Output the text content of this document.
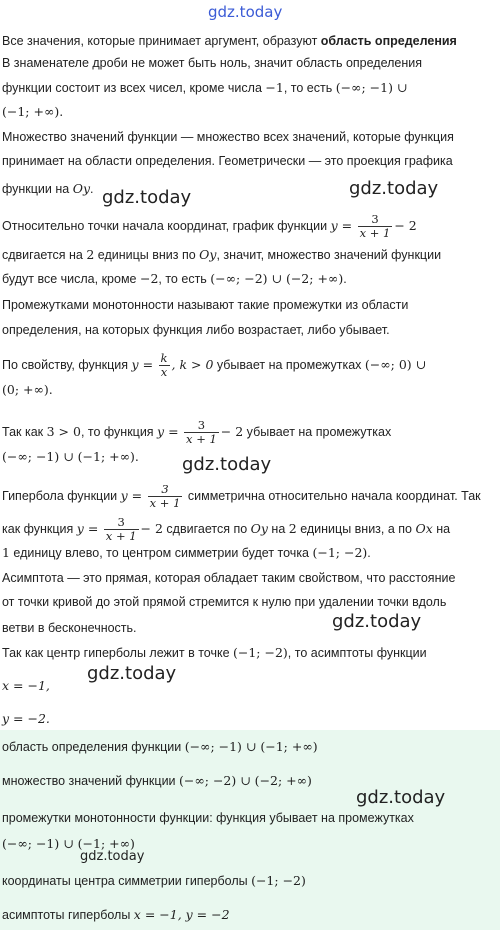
gdz.today
gdz.today	gdz.today
gdz.today
gdz.today
gdz.today
Все значения, которые принимает аргумент, образуют область определения
В знаменателе дроби не может быть ноль, значит область определения
функции состоит из всех чисел, кроме числа −1, то есть (−∞; −1) ∪
(−1; +∞).
Множество значений функции — множество всех значений, которые функция
принимает на области определения. Геометрически — это проекция графика
функции на Oy.
Относительно точки начала координат, график функции $y = \frac{3}{x + 1} - 2$
сдвигается на 2 единицы вниз по Oy, значит, множество значений функции
будут все числа, кроме −2, то есть (−∞; −2) ∪ (−2; +∞).
Промежутками монотонности называют такие промежутки из области
определения, на которых функция либо возрастает, либо убывает.
По свойству, функция $y = \frac{k}{x}$ , k > 0 убывает на промежутках (−∞; 0) ∪
(0; +∞).
Так как 3 > 0, то функция $y = \frac{3}{x + 1} - 2$ убывает на промежутках
(−∞; −1) ∪ (−1; +∞).
Гипербола функции $y = \frac{3}{x + 1}$ симметрична относительно начала координат. Так
как функция $y = \frac{3}{x + 1} - 2$ сдвигается по Oy на 2 единицы вниз, а по Ox на
1 единицу влево, то центром симметрии будет точка (−1; −2).
Асимптота — это прямая, которая обладает таким свойством, что расстояние
от точки кривой до этой прямой стремится к нулю при удалении точки вдоль
ветви в бесконечность.
Так как центр гиперболы лежит в точке (−1; −2), то асимптоты функции
x = −1,
y = −2.
область определения функции (−∞; −1) ∪ (−1; +∞)
множество значений функции (−∞; −2) ∪ (−2; +∞)
промежутки монотонности функции: функция убывает на промежутках
(−∞; −1) ∪ (−1; +∞)
координаты центра симметрии гиперболы (−1; −2)
асимптоты гиперболы x = −1, y = −2
gdz.today
gdz.today
